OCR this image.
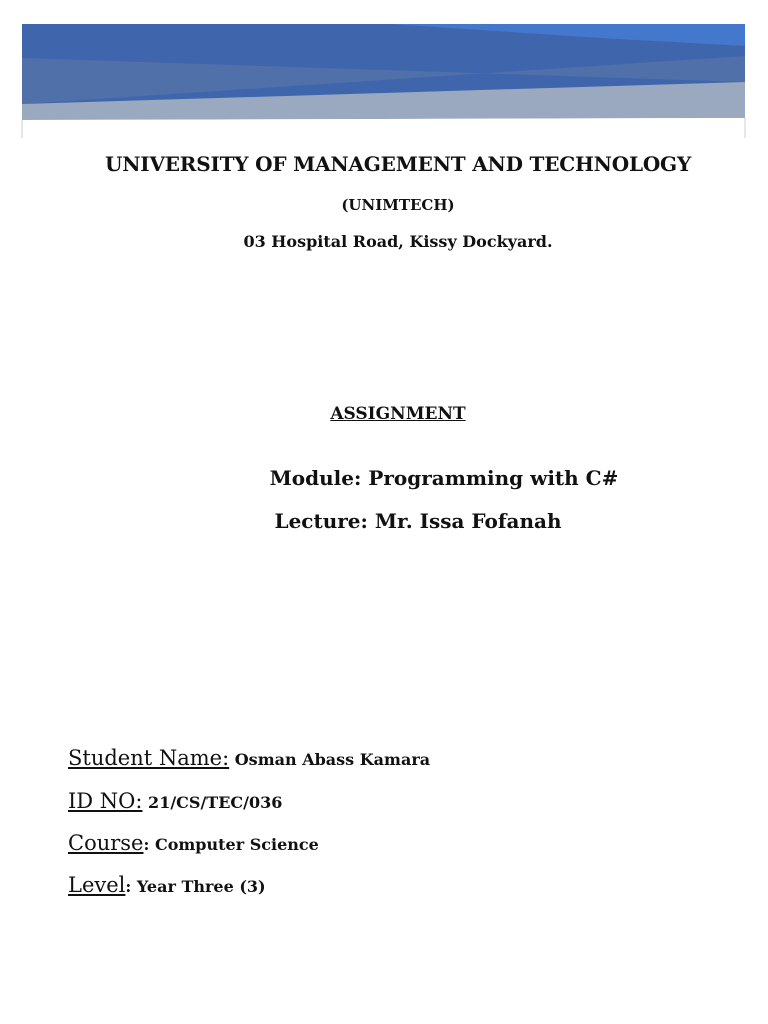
UNIVERSITY OF MANAGEMENT AND TECHNOLOGY
(UNIMTECH)
03 Hospital Road, Kissy Dockyard.
ASSIGNMENT
Module: Programming with C#
Lecture: Mr. Issa Fofanah
Student Name: Osman Abass Kamara
ID NO: 21/CS/TEC/036
Course: Computer Science
Level: Year Three (3)
